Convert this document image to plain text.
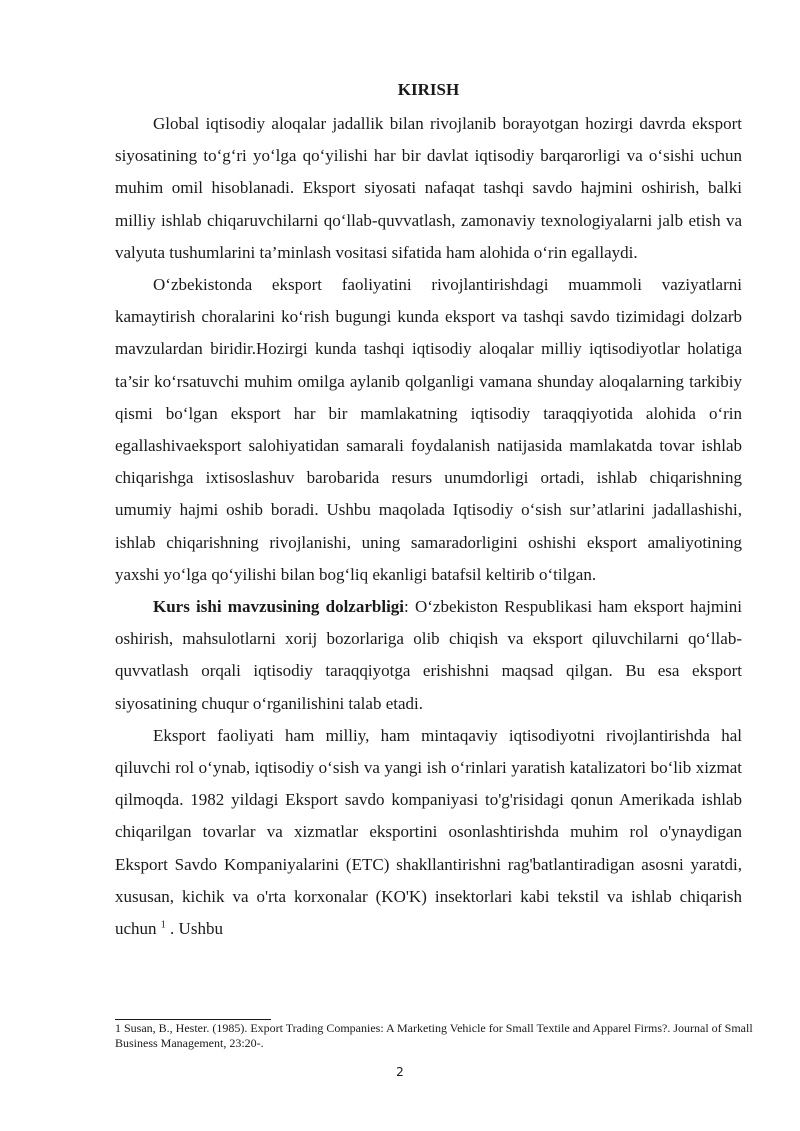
KIRISH

Global iqtisodiy aloqalar jadallik bilan rivojlanib borayotgan hozirgi davrda eksport siyosatining to‘g‘ri yo‘lga qo‘yilishi har bir davlat iqtisodiy barqarorligi va o‘sishi uchun muhim omil hisoblanadi. Eksport siyosati nafaqat tashqi savdo hajmini oshirish, balki milliy ishlab chiqaruvchilarni qo‘llab-quvvatlash, zamonaviy texnologiyalarni jalb etish va valyuta tushumlarini ta’minlash vositasi sifatida ham alohida o‘rin egallaydi.

O‘zbekistonda eksport faoliyatini rivojlantirishdagi muammoli vaziyatlarni kamaytirish choralarini ko‘rish bugungi kunda eksport va tashqi savdo tizimidagi dolzarb mavzulardan biridir.Hozirgi kunda tashqi iqtisodiy aloqalar milliy iqtisodiyotlar holatiga ta’sir ko‘rsatuvchi muhim omilga aylanib qolganligi vamana shunday aloqalarning tarkibiy qismi bo‘lgan eksport har bir mamlakatning iqtisodiy taraqqiyotida alohida o‘rin egallashivaeksport salohiyatidan samarali foydalanish natijasida mamlakatda tovar ishlab chiqarishga ixtisoslashuv barobarida resurs unumdorligi ortadi, ishlab chiqarishning umumiy hajmi oshib boradi. Ushbu maqolada Iqtisodiy o‘sish sur’atlarini jadallashishi, ishlab chiqarishning rivojlanishi, uning samaradorligini oshishi eksport amaliyotining yaxshi yo‘lga qo‘yilishi bilan bog‘liq ekanligi batafsil keltirib o‘tilgan.

Kurs ishi mavzusining dolzarbligi: O‘zbekiston Respublikasi ham eksport hajmini oshirish, mahsulotlarni xorij bozorlariga olib chiqish va eksport qiluvchilarni qo‘llab-quvvatlash orqali iqtisodiy taraqqiyotga erishishni maqsad qilgan. Bu esa eksport siyosatining chuqur o‘rganilishini talab etadi.

Eksport faoliyati ham milliy, ham mintaqaviy iqtisodiyotni rivojlantirishda hal qiluvchi rol o‘ynab, iqtisodiy o‘sish va yangi ish o‘rinlari yaratish katalizatori bo‘lib xizmat qilmoqda. 1982 yildagi Eksport savdo kompaniyasi to'g'risidagi qonun Amerikada ishlab chiqarilgan tovarlar va xizmatlar eksportini osonlashtirishda muhim rol o'ynaydigan Eksport Savdo Kompaniyalarini (ETC) shakllantirishni rag'batlantiradigan asosni yaratdi, xususan, kichik va o'rta korxonalar (KO'K) insektorlari kabi tekstil va ishlab chiqarish uchun $^1$ . Ushbu

1 Susan, B., Hester. (1985). Export Trading Companies: A Marketing Vehicle for Small Textile and Apparel Firms?. Journal of Small Business Management, 23:20-.

2
